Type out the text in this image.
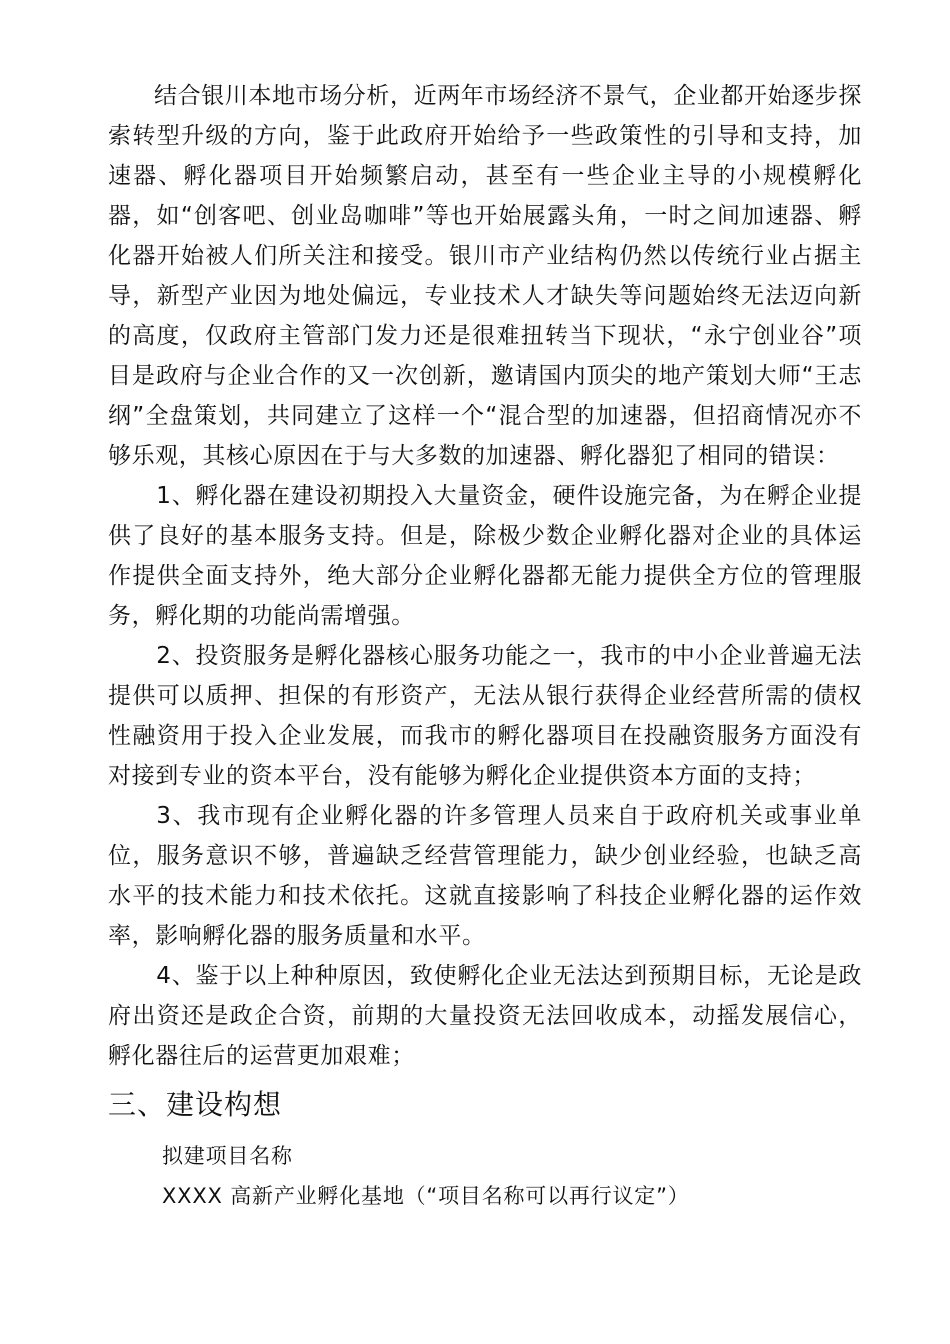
结合银川本地市场分析，近两年市场经济不景气，企业都开始逐步探索转型升级的方向，鉴于此政府开始给予一些政策性的引导和支持，加速器、孵化器项目开始频繁启动，甚至有一些企业主导的小规模孵化器，如“创客吧、创业岛咖啡”等也开始展露头角，一时之间加速器、孵化器开始被人们所关注和接受。银川市产业结构仍然以传统行业占据主导，新型产业因为地处偏远，专业技术人才缺失等问题始终无法迈向新的高度，仅政府主管部门发力还是很难扭转当下现状，“永宁创业谷”项目是政府与企业合作的又一次创新，邀请国内顶尖的地产策划大师“王志纲”全盘策划，共同建立了这样一个“混合型的加速器，但招商情况亦不够乐观，其核心原因在于与大多数的加速器、孵化器犯了相同的错误：

1、孵化器在建设初期投入大量资金，硬件设施完备，为在孵企业提供了良好的基本服务支持。但是，除极少数企业孵化器对企业的具体运作提供全面支持外，绝大部分企业孵化器都无能力提供全方位的管理服务，孵化期的功能尚需增强。

2、投资服务是孵化器核心服务功能之一，我市的中小企业普遍无法提供可以质押、担保的有形资产，无法从银行获得企业经营所需的债权性融资用于投入企业发展，而我市的孵化器项目在投融资服务方面没有对接到专业的资本平台，没有能够为孵化企业提供资本方面的支持；

3、我市现有企业孵化器的许多管理人员来自于政府机关或事业单位，服务意识不够，普遍缺乏经营管理能力，缺少创业经验，也缺乏高水平的技术能力和技术依托。这就直接影响了科技企业孵化器的运作效率，影响孵化器的服务质量和水平。

4、鉴于以上种种原因，致使孵化企业无法达到预期目标，无论是政府出资还是政企合资，前期的大量投资无法回收成本，动摇发展信心，孵化器往后的运营更加艰难；

三、建设构想

拟建项目名称

XXXX 高新产业孵化基地（“项目名称可以再行议定”）
